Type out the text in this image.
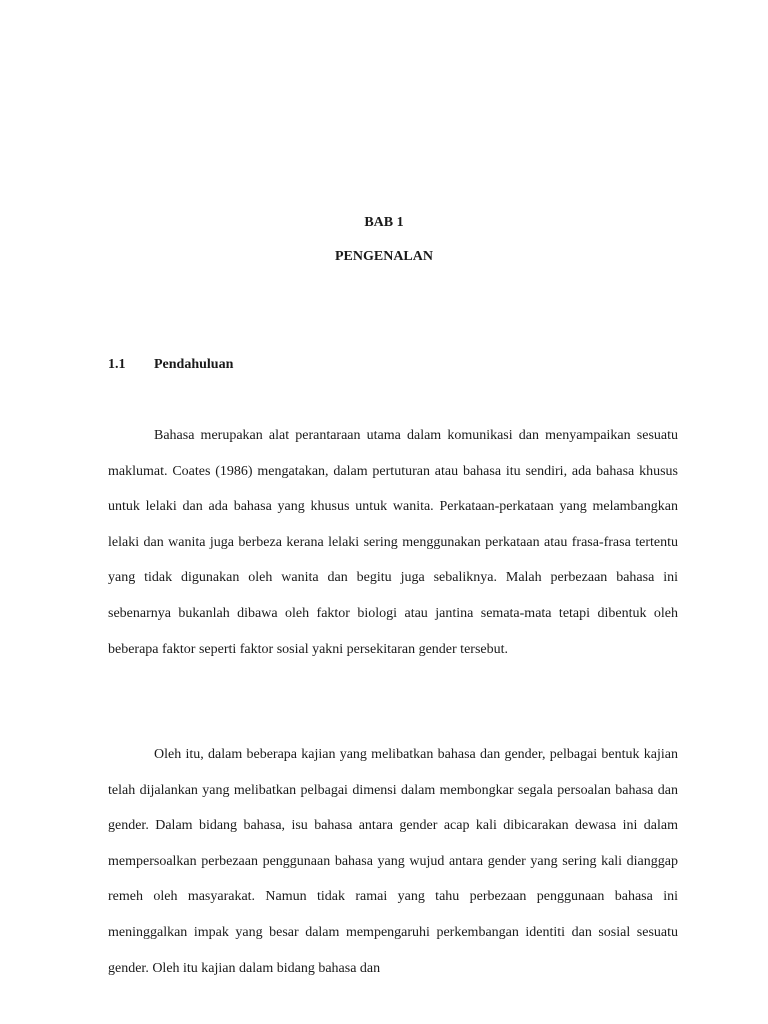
BAB 1
PENGENALAN
1.1 Pendahuluan

Bahasa merupakan alat perantaraan utama dalam komunikasi dan menyampaikan sesuatu maklumat. Coates (1986) mengatakan, dalam pertuturan atau bahasa itu sendiri, ada bahasa khusus untuk lelaki dan ada bahasa yang khusus untuk wanita. Perkataan-perkataan yang melambangkan lelaki dan wanita juga berbeza kerana lelaki sering menggunakan perkataan atau frasa-frasa tertentu yang tidak digunakan oleh wanita dan begitu juga sebaliknya. Malah perbezaan bahasa ini sebenarnya bukanlah dibawa oleh faktor biologi atau jantina semata-mata tetapi dibentuk oleh beberapa faktor seperti faktor sosial yakni persekitaran gender tersebut.

Oleh itu, dalam beberapa kajian yang melibatkan bahasa dan gender, pelbagai bentuk kajian telah dijalankan yang melibatkan pelbagai dimensi dalam membongkar segala persoalan bahasa dan gender. Dalam bidang bahasa, isu bahasa antara gender acap kali dibicarakan dewasa ini dalam mempersoalkan perbezaan penggunaan bahasa yang wujud antara gender yang sering kali dianggap remeh oleh masyarakat. Namun tidak ramai yang tahu perbezaan penggunaan bahasa ini meninggalkan impak yang besar dalam mempengaruhi perkembangan identiti dan sosial sesuatu gender. Oleh itu kajian dalam bidang bahasa dan
